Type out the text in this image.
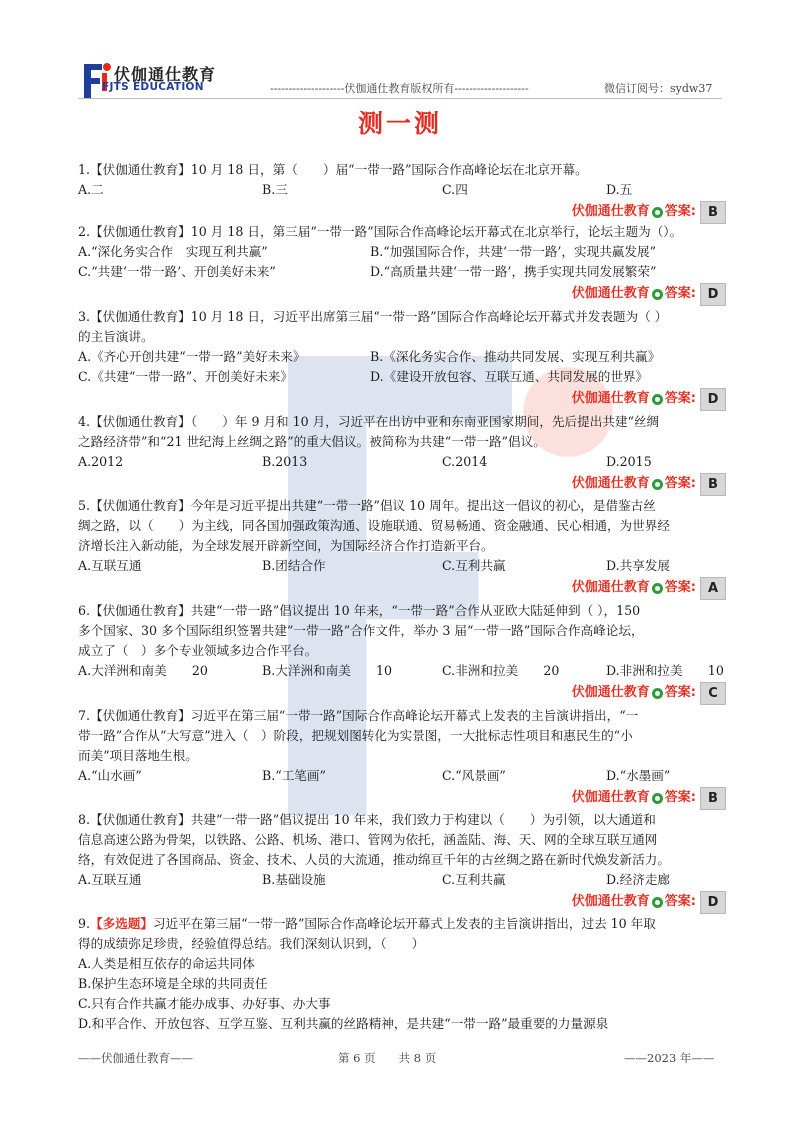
伏伽通仕教育
FJTS EDUCATION	--------------------伏伽通仕教育版权所有--------------------	微信订阅号：sydw37
测一测

1.【伏伽通仕教育】10 月 18 日，第（　　）届“一带一路”国际合作高峰论坛在北京开幕。

A.二	B.三	C.四	D.五
伏伽通仕教育 答案: B

2.【伏伽通仕教育】10 月 18 日，第三届“一带一路”国际合作高峰论坛开幕式在北京举行，论坛主题为（）。

A.“深化务实合作　实现互利共赢”	B.“加强国际合作，共建‘一带一路’，实现共赢发展”
C.“共建‘一带一路’、开创美好未来”	D.“高质量共建‘一带一路’，携手实现共同发展繁荣”
伏伽通仕教育 答案: D

3.【伏伽通仕教育】10 月 18 日，习近平出席第三届“一带一路”国际合作高峰论坛开幕式并发表题为（ ）

的主旨演讲。

A.《齐心开创共建“一带一路”美好未来》	B.《深化务实合作、推动共同发展、实现互利共赢》
C.《共建“一带一路”、开创美好未来》	D.《建设开放包容、互联互通、共同发展的世界》
伏伽通仕教育 答案: D

4.【伏伽通仕教育】（　　）年 9 月和 10 月，习近平在出访中亚和东南亚国家期间，先后提出共建“丝绸

之路经济带”和“21 世纪海上丝绸之路”的重大倡议。被简称为共建“一带一路”倡议。

A.2012	B.2013	C.2014	D.2015
伏伽通仕教育 答案: B

5.【伏伽通仕教育】今年是习近平提出共建“一带一路”倡议 10 周年。提出这一倡议的初心，是借鉴古丝

绸之路，以（　　）为主线，同各国加强政策沟通、设施联通、贸易畅通、资金融通、民心相通，为世界经

济增长注入新动能，为全球发展开辟新空间，为国际经济合作打造新平台。

A.互联互通	B.团结合作	C.互利共赢	D.共享发展
伏伽通仕教育 答案: A

6.【伏伽通仕教育】共建“一带一路”倡议提出 10 年来，“一带一路”合作从亚欧大陆延伸到（ ），150

多个国家、30 多个国际组织签署共建“一带一路”合作文件，举办 3 届“一带一路”国际合作高峰论坛，

成立了（　）多个专业领域多边合作平台。

A.大洋洲和南美　　20	B.大洋洲和南美　　10	C.非洲和拉美　　20	D.非洲和拉美　　10
伏伽通仕教育 答案: C

7.【伏伽通仕教育】习近平在第三届“一带一路”国际合作高峰论坛开幕式上发表的主旨演讲指出，“一

带一路”合作从“大写意”进入（　）阶段，把规划图转化为实景图，一大批标志性项目和惠民生的“小

而美”项目落地生根。

A.“山水画”	B.“工笔画”	C.“风景画”	D.“水墨画”
伏伽通仕教育 答案: B

8.【伏伽通仕教育】共建“一带一路”倡议提出 10 年来，我们致力于构建以（　　）为引领，以大通道和

信息高速公路为骨架，以铁路、公路、机场、港口、管网为依托，涵盖陆、海、天、网的全球互联互通网

络，有效促进了各国商品、资金、技术、人员的大流通，推动绵亘千年的古丝绸之路在新时代焕发新活力。

A.互联互通	B.基础设施	C.互利共赢	D.经济走廊
伏伽通仕教育 答案: D

9.【多选题】习近平在第三届“一带一路”国际合作高峰论坛开幕式上发表的主旨演讲指出，过去 10 年取

得的成绩弥足珍贵，经验值得总结。我们深刻认识到，（　　）

A.人类是相互依存的命运共同体

B.保护生态环境是全球的共同责任

C.只有合作共赢才能办成事、办好事、办大事

D.和平合作、开放包容、互学互鉴、互利共赢的丝路精神，是共建“一带一路”最重要的力量源泉

——伏伽通仕教育——	第 6 页　　共 8 页	——2023 年——
